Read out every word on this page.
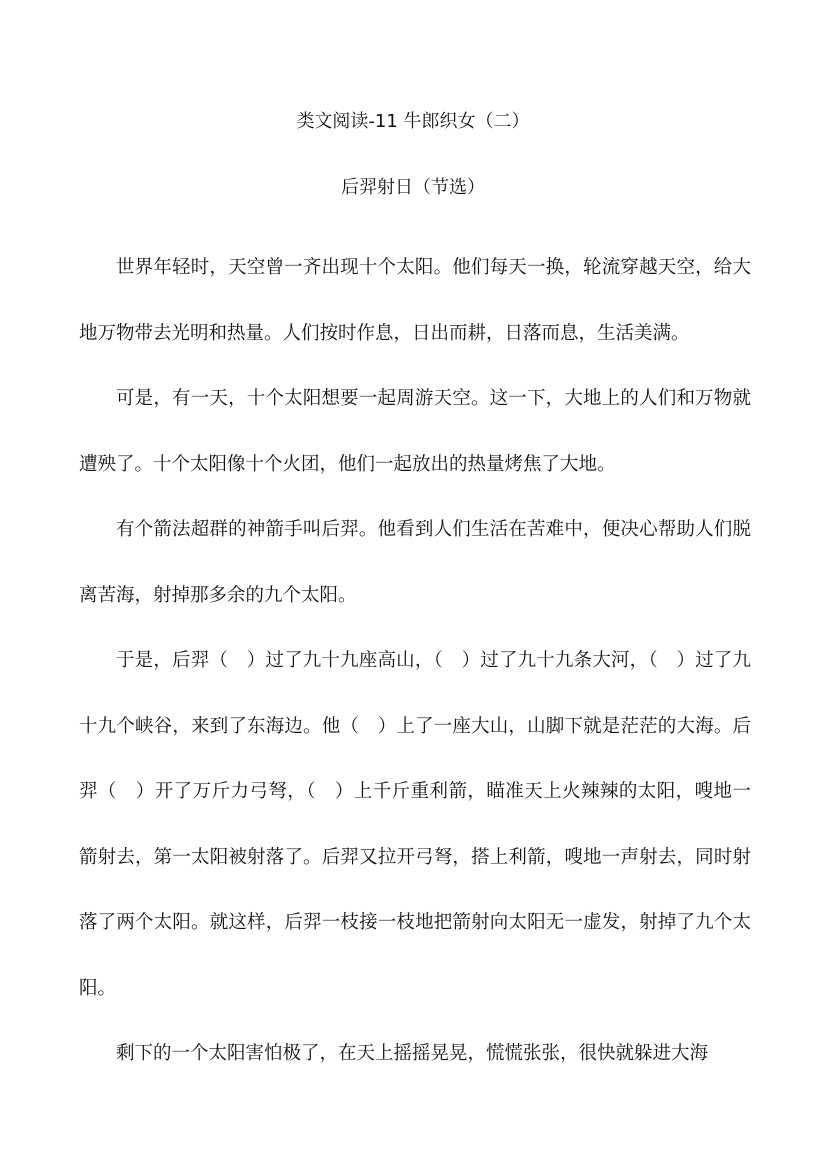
类文阅读-11 牛郎织女（二）
后羿射日（节选）

世界年轻时，天空曾一齐出现十个太阳。他们每天一换，轮流穿越天空，给大地万物带去光明和热量。人们按时作息，日出而耕，日落而息，生活美满。

可是，有一天，十个太阳想要一起周游天空。这一下，大地上的人们和万物就遭殃了。十个太阳像十个火团，他们一起放出的热量烤焦了大地。

有个箭法超群的神箭手叫后羿。他看到人们生活在苦难中，便决心帮助人们脱离苦海，射掉那多余的九个太阳。

于是，后羿（　）过了九十九座高山，（　）过了九十九条大河，（　）过了九十九个峡谷，来到了东海边。他（　）上了一座大山，山脚下就是茫茫的大海。后羿（　）开了万斤力弓弩，（　）上千斤重利箭，瞄准天上火辣辣的太阳，嗖地一箭射去，第一太阳被射落了。后羿又拉开弓弩，搭上利箭，嗖地一声射去，同时射落了两个太阳。就这样，后羿一枝接一枝地把箭射向太阳无一虚发，射掉了九个太阳。

剩下的一个太阳害怕极了，在天上摇摇晃晃，慌慌张张，很快就躲进大海
